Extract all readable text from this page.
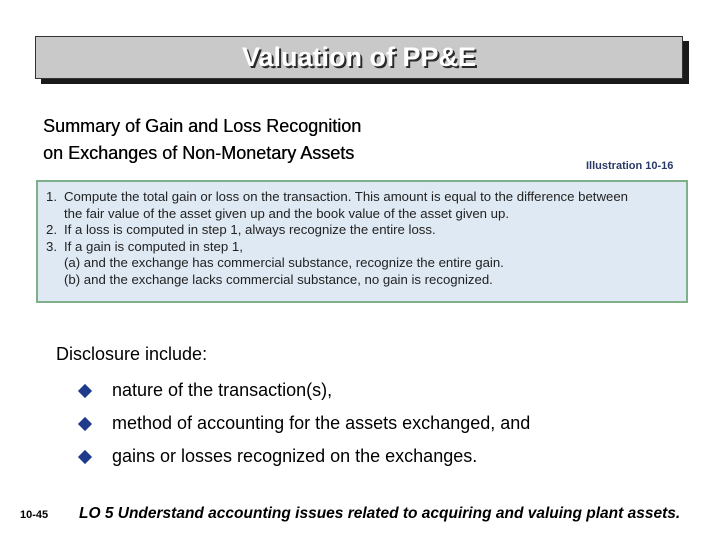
Valuation of PP&E
Summary of Gain and Loss Recognition
on Exchanges of Non-Monetary Assets
Illustration 10-16
1. Compute the total gain or loss on the transaction. This amount is equal to the difference between
the fair value of the asset given up and the book value of the asset given up.
2. If a loss is computed in step 1, always recognize the entire loss.
3. If a gain is computed in step 1,
(a) and the exchange has commercial substance, recognize the entire gain.
(b) and the exchange lacks commercial substance, no gain is recognized.
Disclosure include:
nature of the transaction(s),
method of accounting for the assets exchanged, and
gains or losses recognized on the exchanges.
10-45 LO 5 Understand accounting issues related to acquiring and valuing plant assets.
